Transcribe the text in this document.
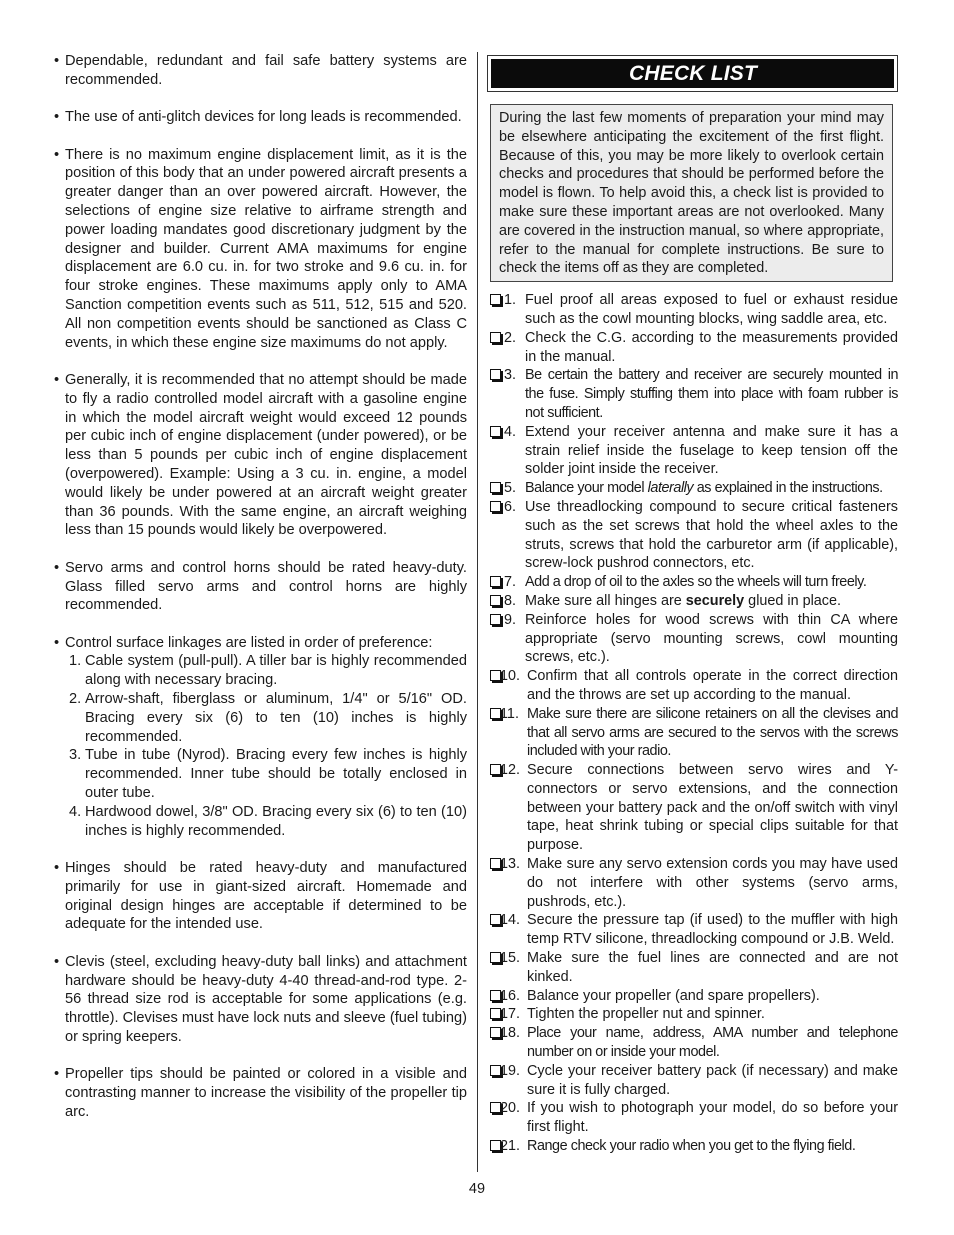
• Dependable, redundant and fail safe battery systems are recommended.
• The use of anti-glitch devices for long leads is recommended.
• There is no maximum engine displacement limit, as it is the position of this body that an under powered aircraft presents a greater danger than an over powered aircraft. However, the selections of engine size relative to airframe strength and power loading mandates good discretionary judgment by the designer and builder. Current AMA maximums for engine displacement are 6.0 cu. in. for two stroke and 9.6 cu. in. for four stroke engines. These maximums apply only to AMA Sanction competition events such as 511, 512, 515 and 520. All non competition events should be sanctioned as Class C events, in which these engine size maximums do not apply.
• Generally, it is recommended that no attempt should be made to fly a radio controlled model aircraft with a gasoline engine in which the model aircraft weight would exceed 12 pounds per cubic inch of engine displacement (under powered), or be less than 5 pounds per cubic inch of engine displacement (overpowered). Example: Using a 3 cu. in. engine, a model would likely be under powered at an aircraft weight greater than 36 pounds. With the same engine, an aircraft weighing less than 15 pounds would likely be overpowered.
• Servo arms and control horns should be rated heavy-duty. Glass filled servo arms and control horns are highly recommended.
• Control surface linkages are listed in order of preference:
1. Cable system (pull-pull). A tiller bar is highly recommended along with necessary bracing.
2. Arrow-shaft, fiberglass or aluminum, 1/4" or 5/16" OD. Bracing every six (6) to ten (10) inches is highly recommended.
3. Tube in tube (Nyrod). Bracing every few inches is highly recommended. Inner tube should be totally enclosed in outer tube.
4. Hardwood dowel, 3/8" OD. Bracing every six (6) to ten (10) inches is highly recommended.
• Hinges should be rated heavy-duty and manufactured primarily for use in giant-sized aircraft. Homemade and original design hinges are acceptable if determined to be adequate for the intended use.
• Clevis (steel, excluding heavy-duty ball links) and attachment hardware should be heavy-duty 4-40 thread-and-rod type. 2-56 thread size rod is acceptable for some applications (e.g. throttle). Clevises must have lock nuts and sleeve (fuel tubing) or spring keepers.
• Propeller tips should be painted or colored in a visible and contrasting manner to increase the visibility of the propeller tip arc.
CHECK LIST
During the last few moments of preparation your mind may be elsewhere anticipating the excitement of the first flight. Because of this, you may be more likely to overlook certain checks and procedures that should be performed before the model is flown. To help avoid this, a check list is provided to make sure these important areas are not overlooked. Many are covered in the instruction manual, so where appropriate, refer to the manual for complete instructions. Be sure to check the items off as they are completed.
1. Fuel proof all areas exposed to fuel or exhaust residue such as the cowl mounting blocks, wing saddle area, etc.
2. Check the C.G. according to the measurements provided in the manual.
3. Be certain the battery and receiver are securely mounted in the fuse. Simply stuffing them into place with foam rubber is not sufficient.
4. Extend your receiver antenna and make sure it has a strain relief inside the fuselage to keep tension off the solder joint inside the receiver.
5. Balance your model laterally as explained in the instructions.
6. Use threadlocking compound to secure critical fasteners such as the set screws that hold the wheel axles to the struts, screws that hold the carburetor arm (if applicable), screw-lock pushrod connectors, etc.
7. Add a drop of oil to the axles so the wheels will turn freely.
8. Make sure all hinges are securely glued in place.
9. Reinforce holes for wood screws with thin CA where appropriate (servo mounting screws, cowl mounting screws, etc.).
10. Confirm that all controls operate in the correct direction and the throws are set up according to the manual.
11. Make sure there are silicone retainers on all the clevises and that all servo arms are secured to the servos with the screws included with your radio.
12. Secure connections between servo wires and Y-connectors or servo extensions, and the connection between your battery pack and the on/off switch with vinyl tape, heat shrink tubing or special clips suitable for that purpose.
13. Make sure any servo extension cords you may have used do not interfere with other systems (servo arms, pushrods, etc.).
14. Secure the pressure tap (if used) to the muffler with high temp RTV silicone, threadlocking compound or J.B. Weld.
15. Make sure the fuel lines are connected and are not kinked.
16. Balance your propeller (and spare propellers).
17. Tighten the propeller nut and spinner.
18. Place your name, address, AMA number and telephone number on or inside your model.
19. Cycle your receiver battery pack (if necessary) and make sure it is fully charged.
20. If you wish to photograph your model, do so before your first flight.
21. Range check your radio when you get to the flying field.
49
